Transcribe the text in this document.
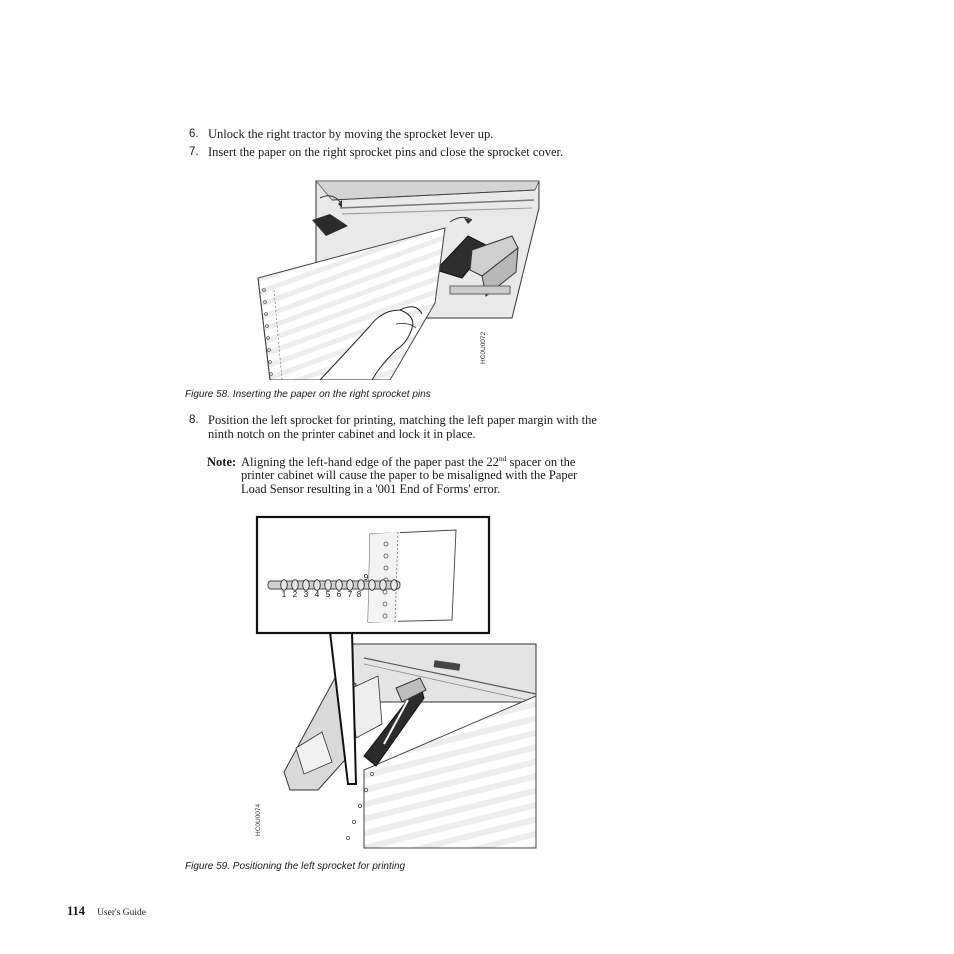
6. Unlock the right tractor by moving the sprocket lever up.
7. Insert the paper on the right sprocket pins and close the sprocket cover.
HC0U0072
Figure 58. Inserting the paper on the right sprocket pins
8. Position the left sprocket for printing, matching the left paper margin with the
ninth notch on the printer cabinet and lock it in place.
Note: Aligning the left-hand edge of the paper past the 22nd spacer on the
printer cabinet will cause the paper to be misaligned with the Paper
Load Sensor resulting in a '001 End of Forms' error.
1 2 3 4 5 6 7 8
9
HC0U0074
Figure 59. Positioning the left sprocket for printing
114 User's Guide
